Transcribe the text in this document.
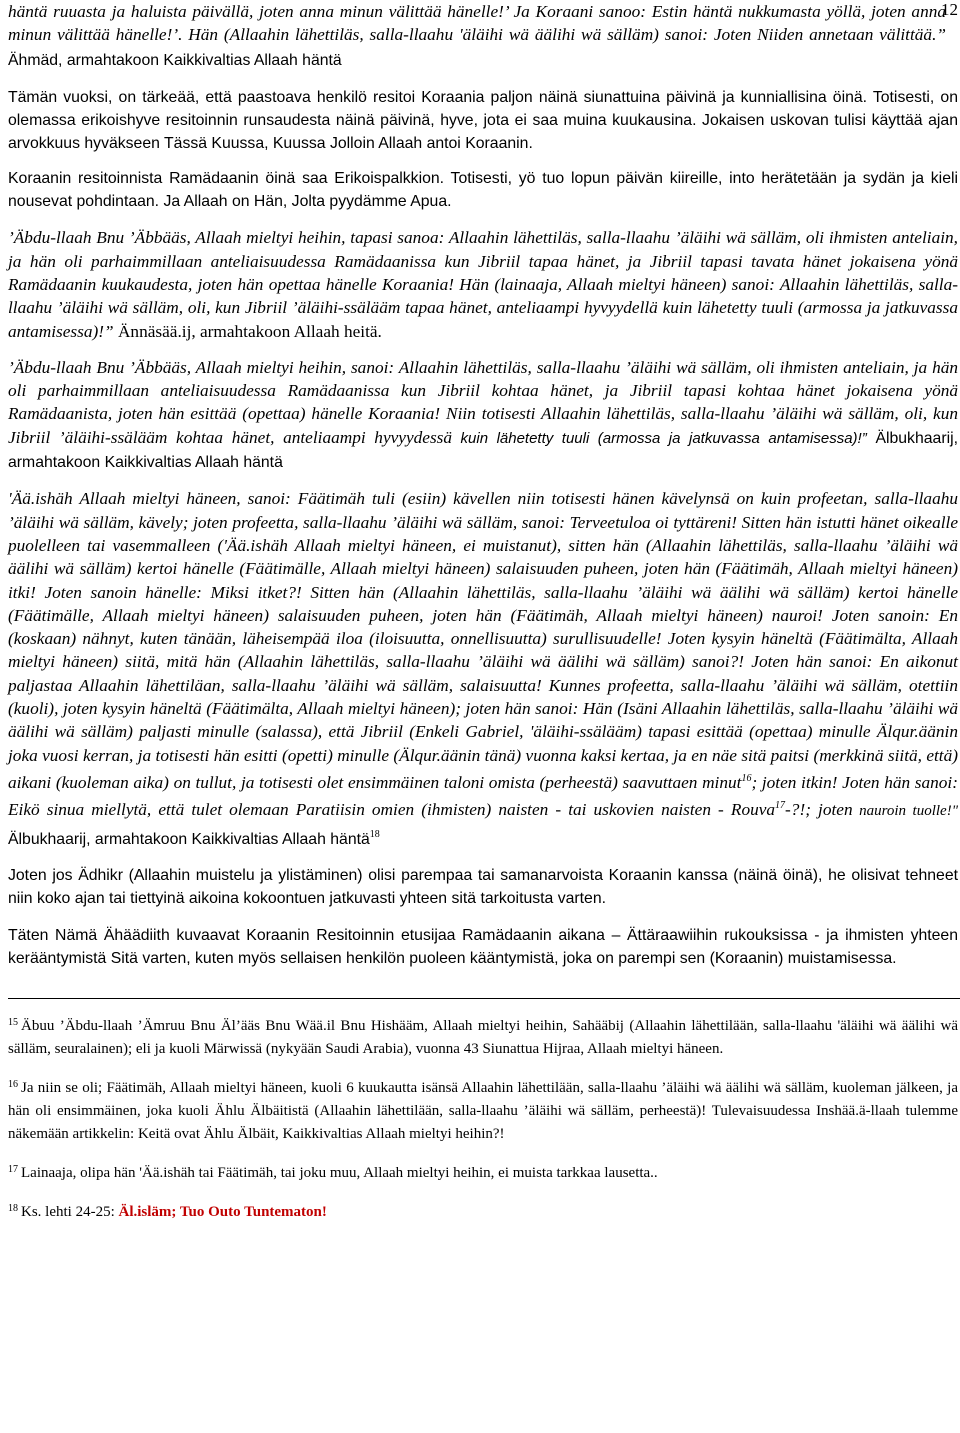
12

häntä ruuasta ja haluista päivällä, joten anna minun välittää hänelle!’ Ja Koraani sanoo: Estin häntä nukkumasta yöllä, joten anna minun välittää hänelle!’. Hän (Allaahin lähettiläs, salla-llaahu 'äläihi wä äälihi wä sälläm) sanoi: Joten Niiden annetaan välittää.” Ähmäd, armahtakoon Kaikkivaltias Allaah häntä

Tämän vuoksi, on tärkeää, että paastoava henkilö resitoi Koraania paljon näinä siunattuina päivinä ja kunniallisina öinä. Totisesti, on olemassa erikoishyve resitoinnin runsaudesta näinä päivinä, hyve, jota ei saa muina kuukausina. Jokaisen uskovan tulisi käyttää ajan arvokkuus hyväkseen Tässä Kuussa, Kuussa Jolloin Allaah antoi Koraanin.

Koraanin resitoinnista Ramädaanin öinä saa Erikoispalkkion. Totisesti, yö tuo lopun päivän kiireille, into herätetään ja sydän ja kieli nousevat pohdintaan. Ja Allaah on Hän, Jolta pyydämme Apua.

’Äbdu-llaah Bnu ’Äbbääs, Allaah mieltyi heihin, tapasi sanoa: Allaahin lähettiläs, salla-llaahu ’äläihi wä sälläm, oli ihmisten anteliain, ja hän oli parhaimmillaan anteliaisuudessa Ramädaanissa kun Jibriil tapaa hänet, ja Jibriil tapasi tavata hänet jokaisena yönä Ramädaanin kuukaudesta, joten hän opettaa hänelle Koraania! Hän (lainaaja, Allaah mieltyi häneen) sanoi: Allaahin lähettiläs, salla-llaahu ’äläihi wä sälläm, oli, kun Jibriil ’äläihi-ssälääm tapaa hänet, anteliaampi hyvyydellä kuin lähetetty tuuli (armossa ja jatkuvassa antamisessa)!” Ännäsää.ij, armahtakoon Allaah heitä.

’Äbdu-llaah Bnu ’Äbbääs, Allaah mieltyi heihin, sanoi: Allaahin lähettiläs, salla-llaahu ’äläihi wä sälläm, oli ihmisten anteliain, ja hän oli parhaimmillaan anteliaisuudessa Ramädaanissa kun Jibriil kohtaa hänet, ja Jibriil tapasi kohtaa hänet jokaisena yönä Ramädaanista, joten hän esittää (opettaa) hänelle Koraania! Niin totisesti Allaahin lähettiläs, salla-llaahu ’äläihi wä sälläm, oli, kun Jibriil ’äläihi-ssälääm kohtaa hänet, anteliaampi hyvyydessä kuin lähetetty tuuli (armossa ja jatkuvassa antamisessa)!” Älbukhaarij, armahtakoon Kaikkivaltias Allaah häntä

'Ää.ishäh Allaah mieltyi häneen, sanoi: Fäätimäh tuli (esiin) kävellen niin totisesti hänen kävelynsä on kuin profeetan, salla-llaahu ’äläihi wä sälläm, kävely; joten profeetta, salla-llaahu ’äläihi wä sälläm, sanoi: Terveetuloa oi tyttäreni! Sitten hän istutti hänet oikealle puolelleen tai vasemmalleen ('Ää.ishäh Allaah mieltyi häneen, ei muistanut), sitten hän (Allaahin lähettiläs, salla-llaahu ’äläihi wä äälihi wä sälläm) kertoi hänelle (Fäätimälle, Allaah mieltyi häneen) salaisuuden puheen, joten hän (Fäätimäh, Allaah mieltyi häneen) itki! Joten sanoin hänelle: Miksi itket?! Sitten hän (Allaahin lähettiläs, salla-llaahu ’äläihi wä äälihi wä sälläm) kertoi hänelle (Fäätimälle, Allaah mieltyi häneen) salaisuuden puheen, joten hän (Fäätimäh, Allaah mieltyi häneen) nauroi! Joten sanoin: En (koskaan) nähnyt, kuten tänään, läheisempää iloa (iloisuutta, onnellisuutta) surullisuudelle! Joten kysyin häneltä (Fäätimälta, Allaah mieltyi häneen) siitä, mitä hän (Allaahin lähettiläs, salla-llaahu ’äläihi wä äälihi wä sälläm) sanoi?! Joten hän sanoi: En aikonut paljastaa Allaahin lähettiläan, salla-llaahu ’äläihi wä sälläm, salaisuutta! Kunnes profeetta, salla-llaahu ’äläihi wä sälläm, otettiin (kuoli), joten kysyin häneltä (Fäätimälta, Allaah mieltyi häneen); joten hän sanoi: Hän (Isäni Allaahin lähettiläs, salla-llaahu ’äläihi wä äälihi wä sälläm) paljasti minulle (salassa), että Jibriil (Enkeli Gabriel, 'äläihi-ssälääm) tapasi esittää (opettaa) minulle Älqur.äänin joka vuosi kerran, ja totisesti hän esitti (opetti) minulle (Älqur.äänin tänä) vuonna kaksi kertaa, ja en näe sitä paitsi (merkkinä siitä, että) aikani (kuoleman aika) on tullut, ja totisesti olet ensimmäinen taloni omista (perheestä) saavuttaen minut$^{16}$; joten itkin! Joten hän sanoi: Eikö sinua miellytä, että tulet olemaan Paratiisin omien (ihmisten) naisten - tai uskovien naisten - Rouva$^{17}$-?!; joten nauroin tuolle!" Älbukhaarij, armahtakoon Kaikkivaltias Allaah häntä$^{18}$

Joten jos Ädhikr (Allaahin muistelu ja ylistäminen) olisi parempaa tai samanarvoista Koraanin kanssa (näinä öinä), he olisivat tehneet niin koko ajan tai tiettyinä aikoina kokoontuen jatkuvasti yhteen sitä tarkoitusta varten.

Täten Nämä Ähäädiith kuvaavat Koraanin Resitoinnin etusijaa Ramädaanin aikana – Ättäraawiihin rukouksissa - ja ihmisten yhteen kerääntymistä Sitä varten, kuten myös sellaisen henkilön puoleen kääntymistä, joka on parempi sen (Koraanin) muistamisessa.

$^{15}$ Äbuu ’Äbdu-llaah ’Ämruu Bnu Äl’ääs Bnu Wää.il Bnu Hishääm, Allaah mieltyi heihin, Sahääbij (Allaahin lähettilään, salla-llaahu 'äläihi wä äälihi wä sälläm, seuralainen); eli ja kuoli Märwissä (nykyään Saudi Arabia), vuonna 43 Siunattua Hijraa, Allaah mieltyi häneen.
$^{16}$ Ja niin se oli; Fäätimäh, Allaah mieltyi häneen, kuoli 6 kuukautta isänsä Allaahin lähettilään, salla-llaahu ’äläihi wä äälihi wä sälläm, kuoleman jälkeen, ja hän oli ensimmäinen, joka kuoli Ählu Älbäitistä (Allaahin lähettilään, salla-llaahu ’äläihi wä sälläm, perheestä)! Tulevaisuudessa Inshää.ä-llaah tulemme näkemään artikkelin: Keitä ovat Ählu Älbäit, Kaikkivaltias Allaah mieltyi heihin?!
$^{17}$ Lainaaja, olipa hän 'Ää.ishäh tai Fäätimäh, tai joku muu, Allaah mieltyi heihin, ei muista tarkkaa lausetta..
$^{18}$ Ks. lehti 24-25: Äl.isläm; Tuo Outo Tuntematon!
